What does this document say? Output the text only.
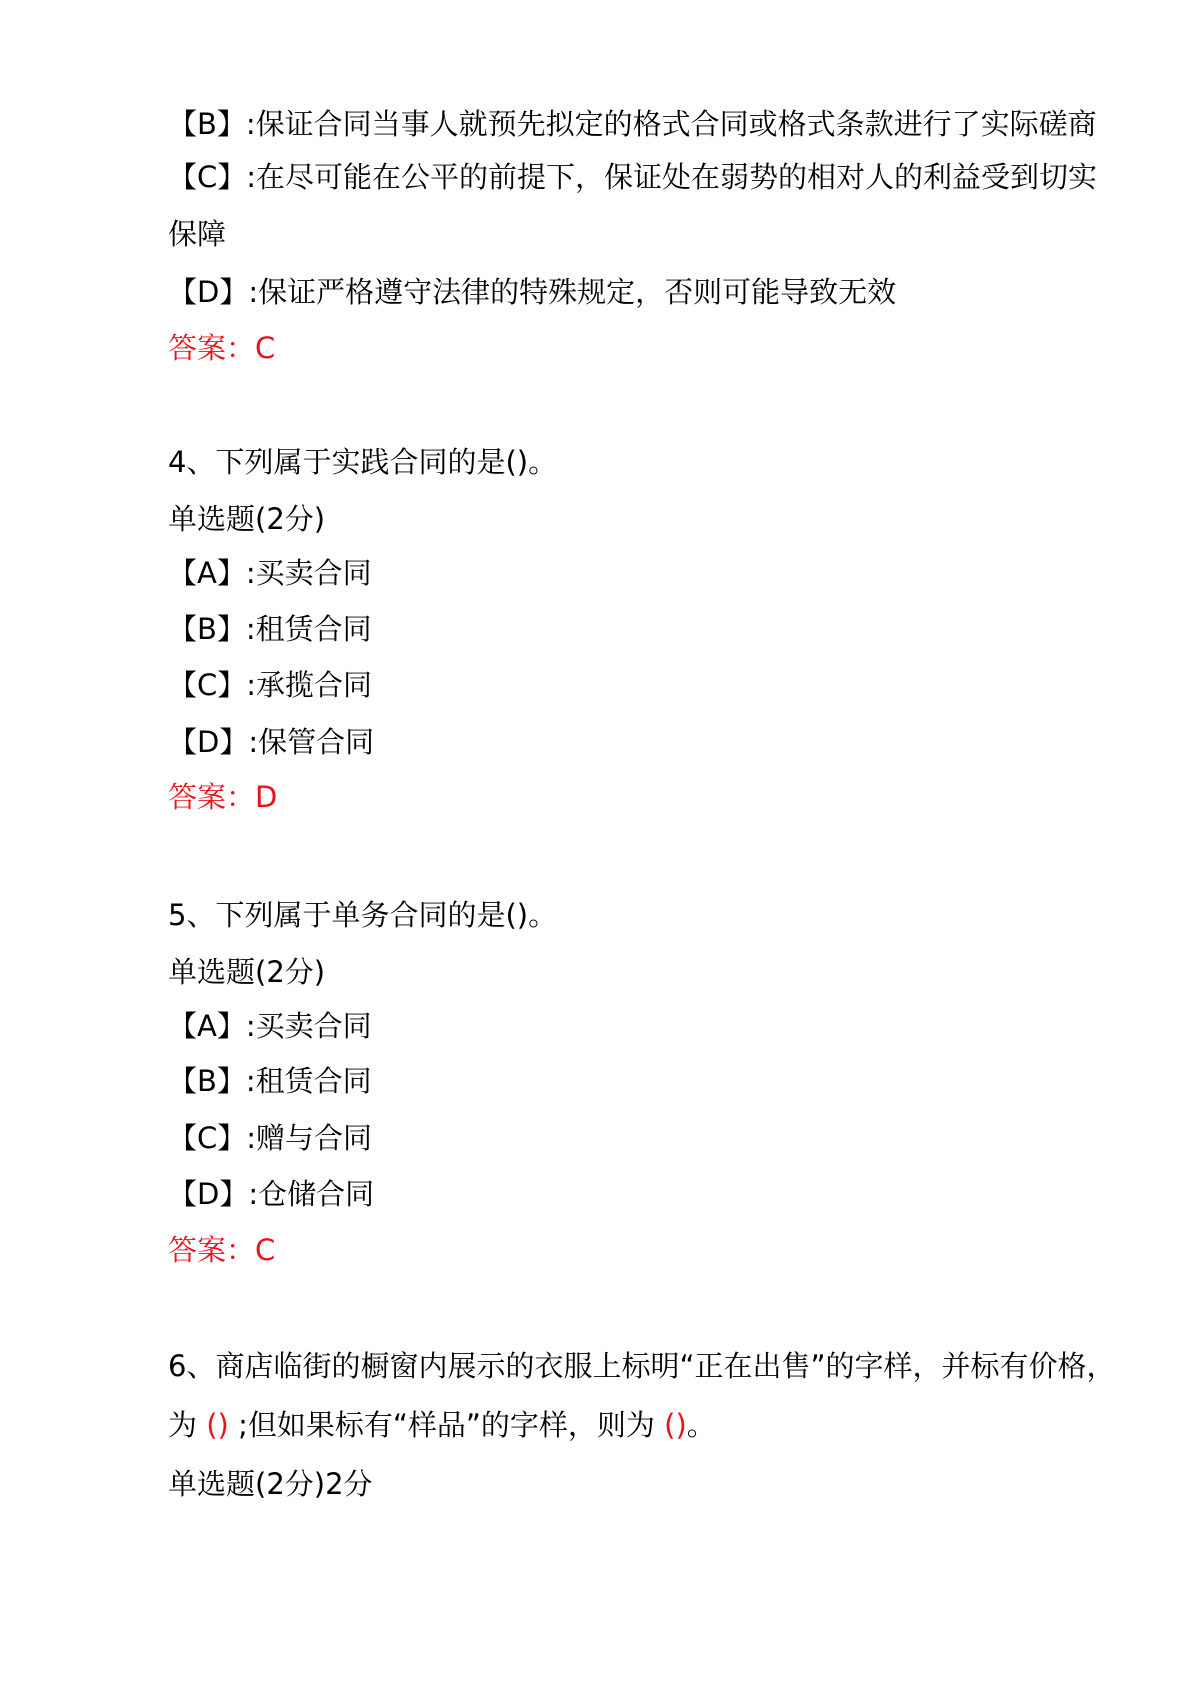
【B】:保证合同当事人就预先拟定的格式合同或格式条款进行了实际磋商
【C】:在尽可能在公平的前提下，保证处在弱势的相对人的利益受到切实
保障
【D】:保证严格遵守法律的特殊规定，否则可能导致无效
答案：C
4、下列属于实践合同的是()。
单选题(2分)
【A】:买卖合同
【B】:租赁合同
【C】:承揽合同
【D】:保管合同
答案：D
5、下列属于单务合同的是()。
单选题(2分)
【A】:买卖合同
【B】:租赁合同
【C】:赠与合同
【D】:仓储合同
答案：C
6、商店临街的橱窗内展示的衣服上标明“正在出售”的字样，并标有价格，
为 () ;但如果标有“样品”的字样，则为 ()。
单选题(2分)2分
